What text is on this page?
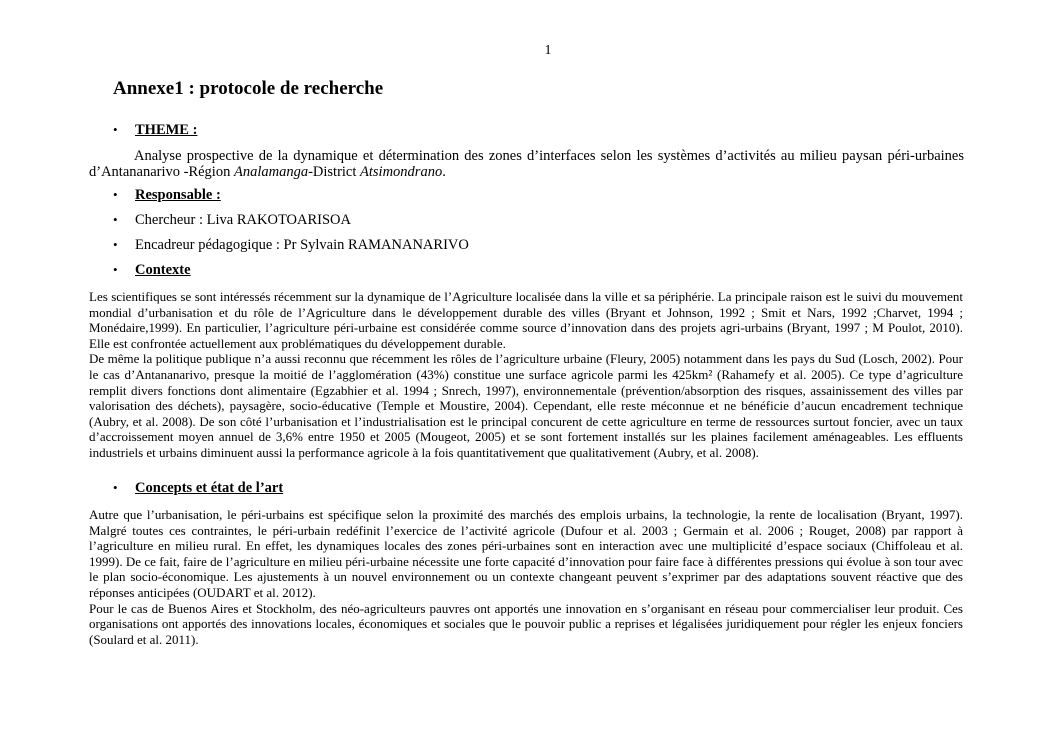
1
Annexe1 : protocole de recherche
• THEME :
Analyse prospective de la dynamique et détermination des zones d’interfaces selon les systèmes d’activités au milieu paysan péri-urbaines d’Antananarivo -Région Analamanga-District Atsimondrano.
• Responsable :
• Chercheur : Liva RAKOTOARISOA
• Encadreur pédagogique : Pr Sylvain RAMANANARIVO
• Contexte

Les scientifiques se sont intéressés récemment sur la dynamique de l’Agriculture localisée dans la ville et sa périphérie. La principale raison est le suivi du mouvement mondial d’urbanisation et du rôle de l’Agriculture dans le développement durable des villes (Bryant et Johnson, 1992 ; Smit et Nars, 1992 ;Charvet, 1994 ; Monédaire,1999). En particulier, l’agriculture péri-urbaine est considérée comme source d’innovation dans des projets agri-urbains (Bryant, 1997 ; M Poulot, 2010). Elle est confrontée actuellement aux problématiques du développement durable.

De même la politique publique n’a aussi reconnu que récemment les rôles de l’agriculture urbaine (Fleury, 2005) notamment dans les pays du Sud (Losch, 2002). Pour le cas d’Antananarivo, presque la moitié de l’agglomération (43%) constitue une surface agricole parmi les 425km² (Rahamefy et al. 2005). Ce type d’agriculture remplit divers fonctions dont alimentaire (Egzabhier et al. 1994 ; Snrech, 1997), environnementale (prévention/absorption des risques, assainissement des villes par valorisation des déchets), paysagère, socio-éducative (Temple et Moustire, 2004). Cependant, elle reste méconnue et ne bénéficie d’aucun encadrement technique (Aubry, et al. 2008). De son côté l’urbanisation et l’industrialisation est le principal concurent de cette agriculture en terme de ressources surtout foncier, avec un taux d’accroissement moyen annuel de 3,6% entre 1950 et 2005 (Mougeot, 2005) et se sont fortement installés sur les plaines facilement aménageables. Les effluents industriels et urbains diminuent aussi la performance agricole à la fois quantitativement que qualitativement (Aubry, et al. 2008).

• Concepts et état de l’art

Autre que l’urbanisation, le péri-urbains est spécifique selon la proximité des marchés des emplois urbains, la technologie, la rente de localisation (Bryant, 1997). Malgré toutes ces contraintes, le péri-urbain redéfinit l’exercice de l’activité agricole (Dufour et al. 2003 ; Germain et al. 2006 ; Rouget, 2008) par rapport à l’agriculture en milieu rural. En effet, les dynamiques locales des zones péri-urbaines sont en interaction avec une multiplicité d’espace sociaux (Chiffoleau et al. 1999). De ce fait, faire de l’agriculture en milieu péri-urbaine nécessite une forte capacité d’innovation pour faire face à différentes pressions qui évolue à son tour avec le plan socio-économique. Les ajustements à un nouvel environnement ou un contexte changeant peuvent s’exprimer par des adaptations souvent réactive que des réponses anticipées (OUDART et al. 2012).

Pour le cas de Buenos Aires et Stockholm, des néo-agriculteurs pauvres ont apportés une innovation en s’organisant en réseau pour commercialiser leur produit. Ces organisations ont apportés des innovations locales, économiques et sociales que le pouvoir public a reprises et légalisées juridiquement pour régler les enjeux fonciers (Soulard et al. 2011).
